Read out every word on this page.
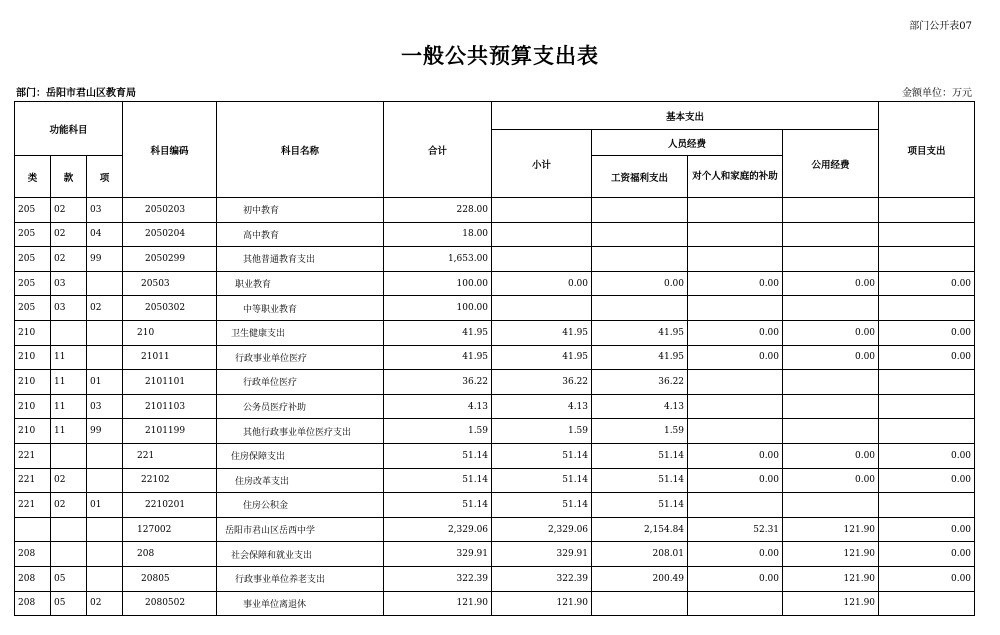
部门公开表07
一般公共预算支出表
部门：岳阳市君山区教育局	金额单位：万元
功能科目			科目编码	科目名称	合计	基本支出				项目支出
						小计	人员经费		公用经费	
类	款	项					工资福利支出	对个人和家庭的补助		
205	02	03	2050203	初中教育	228.00					
205	02	04	2050204	高中教育	18.00					
205	02	99	2050299	其他普通教育支出	1,653.00					
205	03		20503	职业教育	100.00	0.00	0.00	0.00	0.00	0.00
205	03	02	2050302	中等职业教育	100.00					
210			210	卫生健康支出	41.95	41.95	41.95	0.00	0.00	0.00
210	11		21011	行政事业单位医疗	41.95	41.95	41.95	0.00	0.00	0.00
210	11	01	2101101	行政单位医疗	36.22	36.22	36.22			
210	11	03	2101103	公务员医疗补助	4.13	4.13	4.13			
210	11	99	2101199	其他行政事业单位医疗支出	1.59	1.59	1.59			
221			221	住房保障支出	51.14	51.14	51.14	0.00	0.00	0.00
221	02		22102	住房改革支出	51.14	51.14	51.14	0.00	0.00	0.00
221	02	01	2210201	住房公积金	51.14	51.14	51.14			
			127002	岳阳市君山区岳西中学	2,329.06	2,329.06	2,154.84	52.31	121.90	0.00
208			208	社会保障和就业支出	329.91	329.91	208.01	0.00	121.90	0.00
208	05		20805	行政事业单位养老支出	322.39	322.39	200.49	0.00	121.90	0.00
208	05	02	2080502	事业单位离退休	121.90	121.90			121.90	
